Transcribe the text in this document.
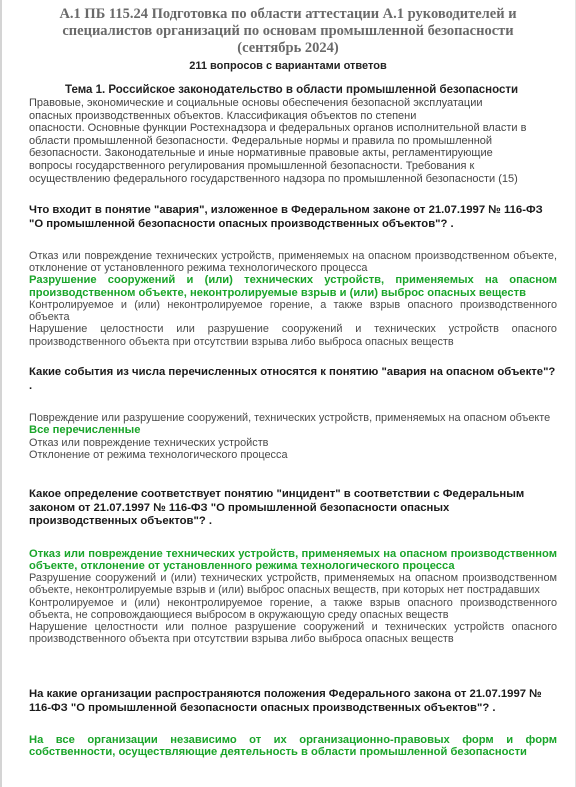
А.1 ПБ 115.24 Подготовка по области аттестации А.1 руководителей и специалистов организаций по основам промышленной безопасности (сентябрь 2024)
211 вопросов с вариантами ответов
Тема 1. Российское законодательство в области промышленной безопасности

Правовые, экономические и социальные основы обеспечения безопасной эксплуатации

опасных производственных объектов. Классификация объектов по степени

опасности. Основные функции Ростехнадзора и федеральных органов исполнительной власти в

области промышленной безопасности. Федеральные нормы и правила по промышленной

безопасности. Законодательные и иные нормативные правовые акты, регламентирующие

вопросы государственного регулирования промышленной безопасности. Требования к

осуществлению федерального государственного надзора по промышленной безопасности (15)

Что входит в понятие "авария", изложенное в Федеральном законе от 21.07.1997 № 116-ФЗ "О промышленной безопасности опасных производственных объектов"? .

Отказ или повреждение технических устройств, применяемых на опасном производственном объекте, отклонение от установленного режима технологического процесса
Разрушение сооружений и (или) технических устройств, применяемых на опасном производственном объекте, неконтролируемые взрыв и (или) выброс опасных веществ
Контролируемое и (или) неконтролируемое горение, а также взрыв опасного производственного объекта
Нарушение целостности или разрушение сооружений и технических устройств опасного производственного объекта при отсутствии взрыва либо выброса опасных веществ

Какие события из числа перечисленных относятся к понятию "авария на опасном объекте"? .

Повреждение или разрушение сооружений, технических устройств, применяемых на опасном объекте
Все перечисленные
Отказ или повреждение технических устройств
Отклонение от режима технологического процесса

Какое определение соответствует понятию "инцидент" в соответствии с Федеральным законом от 21.07.1997 № 116-ФЗ "О промышленной безопасности опасных производственных объектов"? .

Отказ или повреждение технических устройств, применяемых на опасном производственном объекте, отклонение от установленного режима технологического процесса
Разрушение сооружений и (или) технических устройств, применяемых на опасном производственном объекте, неконтролируемые взрыв и (или) выброс опасных веществ, при которых нет пострадавших
Контролируемое и (или) неконтролируемое горение, а также взрыв опасного производственного объекта, не сопровождающиеся выбросом в окружающую среду опасных веществ
Нарушение целостности или полное разрушение сооружений и технических устройств опасного производственного объекта при отсутствии взрыва либо выброса опасных веществ

На какие организации распространяются положения Федерального закона от 21.07.1997 № 116-ФЗ "О промышленной безопасности опасных производственных объектов"? .

На все организации независимо от их организационно-правовых форм и форм собственности, осуществляющие деятельность в области промышленной безопасности
